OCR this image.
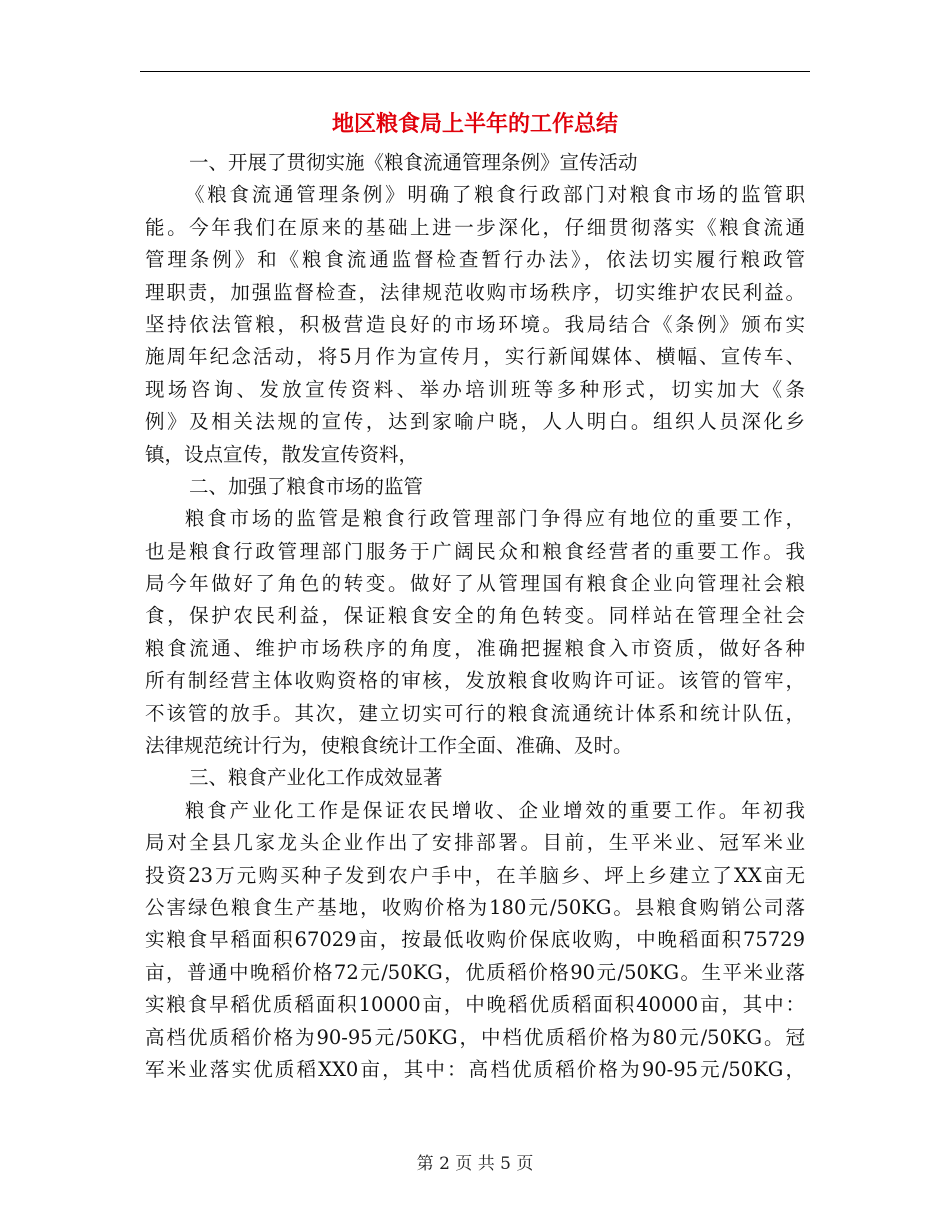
地区粮食局上半年的工作总结
一、开展了贯彻实施《粮食流通管理条例》宣传活动
《粮食流通管理条例》明确了粮食行政部门对粮食市场的监管职
能。今年我们在原来的基础上进一步深化，仔细贯彻落实《粮食流通
管理条例》和《粮食流通监督检查暂行办法》，依法切实履行粮政管
理职责，加强监督检查，法律规范收购市场秩序，切实维护农民利益。
坚持依法管粮，积极营造良好的市场环境。我局结合《条例》颁布实
施周年纪念活动，将5月作为宣传月，实行新闻媒体、横幅、宣传车、
现场咨询、发放宣传资料、举办培训班等多种形式，切实加大《条
例》及相关法规的宣传，达到家喻户晓，人人明白。组织人员深化乡
镇，设点宣传，散发宣传资料，
二、加强了粮食市场的监管
粮食市场的监管是粮食行政管理部门争得应有地位的重要工作，
也是粮食行政管理部门服务于广阔民众和粮食经营者的重要工作。我
局今年做好了角色的转变。做好了从管理国有粮食企业向管理社会粮
食，保护农民利益，保证粮食安全的角色转变。同样站在管理全社会
粮食流通、维护市场秩序的角度，准确把握粮食入市资质，做好各种
所有制经营主体收购资格的审核，发放粮食收购许可证。该管的管牢，
不该管的放手。其次，建立切实可行的粮食流通统计体系和统计队伍，
法律规范统计行为，使粮食统计工作全面、准确、及时。
三、粮食产业化工作成效显著
粮食产业化工作是保证农民增收、企业增效的重要工作。年初我
局对全县几家龙头企业作出了安排部署。目前，生平米业、冠军米业
投资23万元购买种子发到农户手中，在羊脑乡、坪上乡建立了XX亩无
公害绿色粮食生产基地，收购价格为180元/50KG。县粮食购销公司落
实粮食早稻面积67029亩，按最低收购价保底收购，中晚稻面积75729
亩，普通中晚稻价格72元/50KG，优质稻价格90元/50KG。生平米业落
实粮食早稻优质稻面积10000亩，中晚稻优质稻面积40000亩，其中：
高档优质稻价格为90-95元/50KG，中档优质稻价格为80元/50KG。冠
军米业落实优质稻XX0亩，其中：高档优质稻价格为90-95元/50KG，
第 2 页 共 5 页
